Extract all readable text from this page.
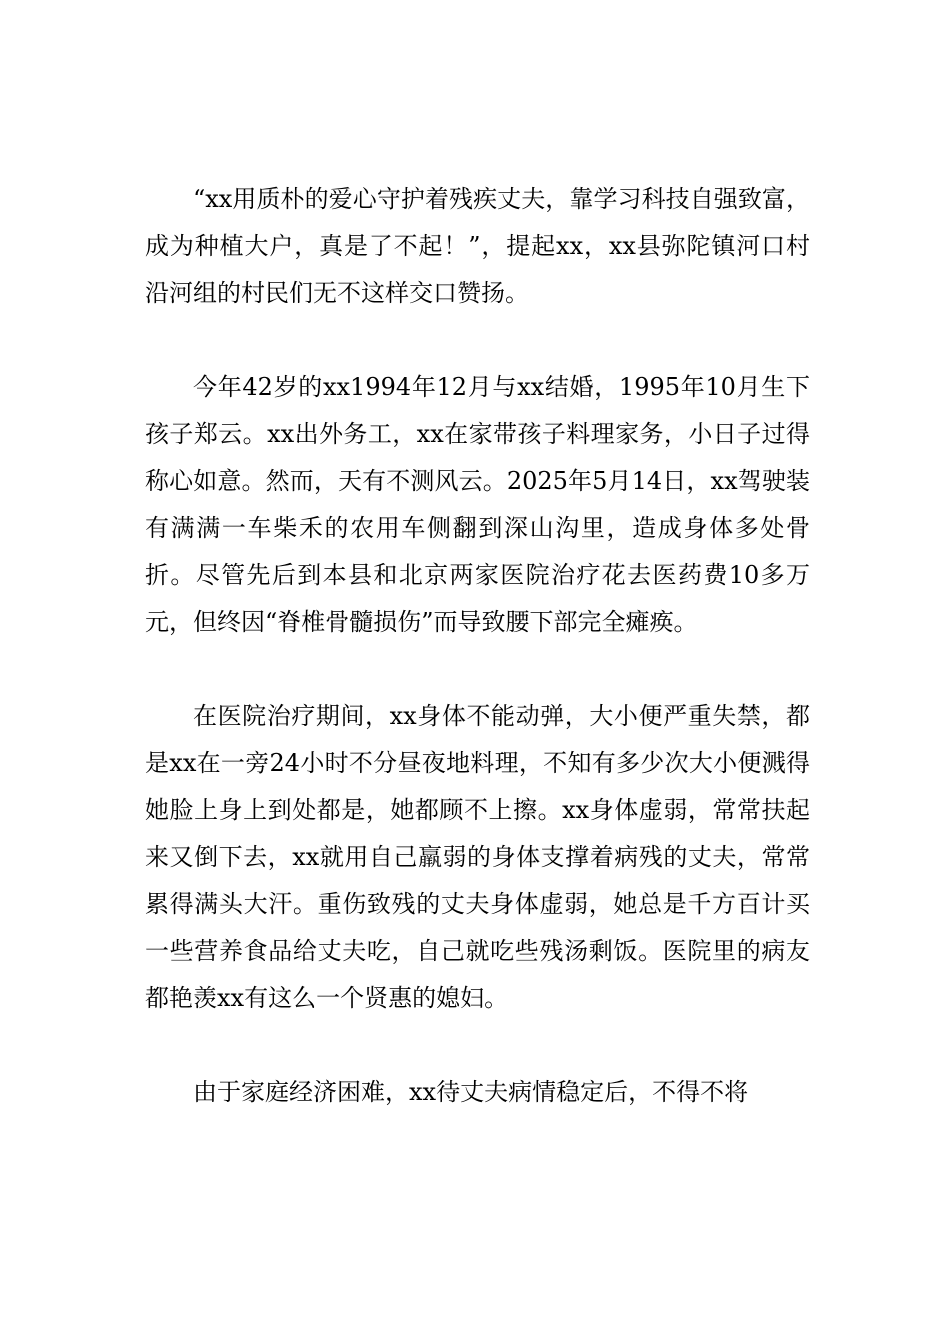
“xx用质朴的爱心守护着残疾丈夫，靠学习科技自强致富，成为种植大户，真是了不起！”，提起xx，xx县弥陀镇河口村沿河组的村民们无不这样交口赞扬。

今年42岁的xx1994年12月与xx结婚，1995年10月生下孩子郑云。xx出外务工，xx在家带孩子料理家务，小日子过得称心如意。然而，天有不测风云。2025年5月14日，xx驾驶装有满满一车柴禾的农用车侧翻到深山沟里，造成身体多处骨折。尽管先后到本县和北京两家医院治疗花去医药费10多万元，但终因“脊椎骨髓损伤”而导致腰下部完全瘫痪。

在医院治疗期间，xx身体不能动弹，大小便严重失禁，都是xx在一旁24小时不分昼夜地料理，不知有多少次大小便溅得她脸上身上到处都是，她都顾不上擦。xx身体虚弱，常常扶起来又倒下去，xx就用自己羸弱的身体支撑着病残的丈夫，常常累得满头大汗。重伤致残的丈夫身体虚弱，她总是千方百计买一些营养食品给丈夫吃，自己就吃些残汤剩饭。医院里的病友都艳羡xx有这么一个贤惠的媳妇。

由于家庭经济困难，xx待丈夫病情稳定后，不得不将
